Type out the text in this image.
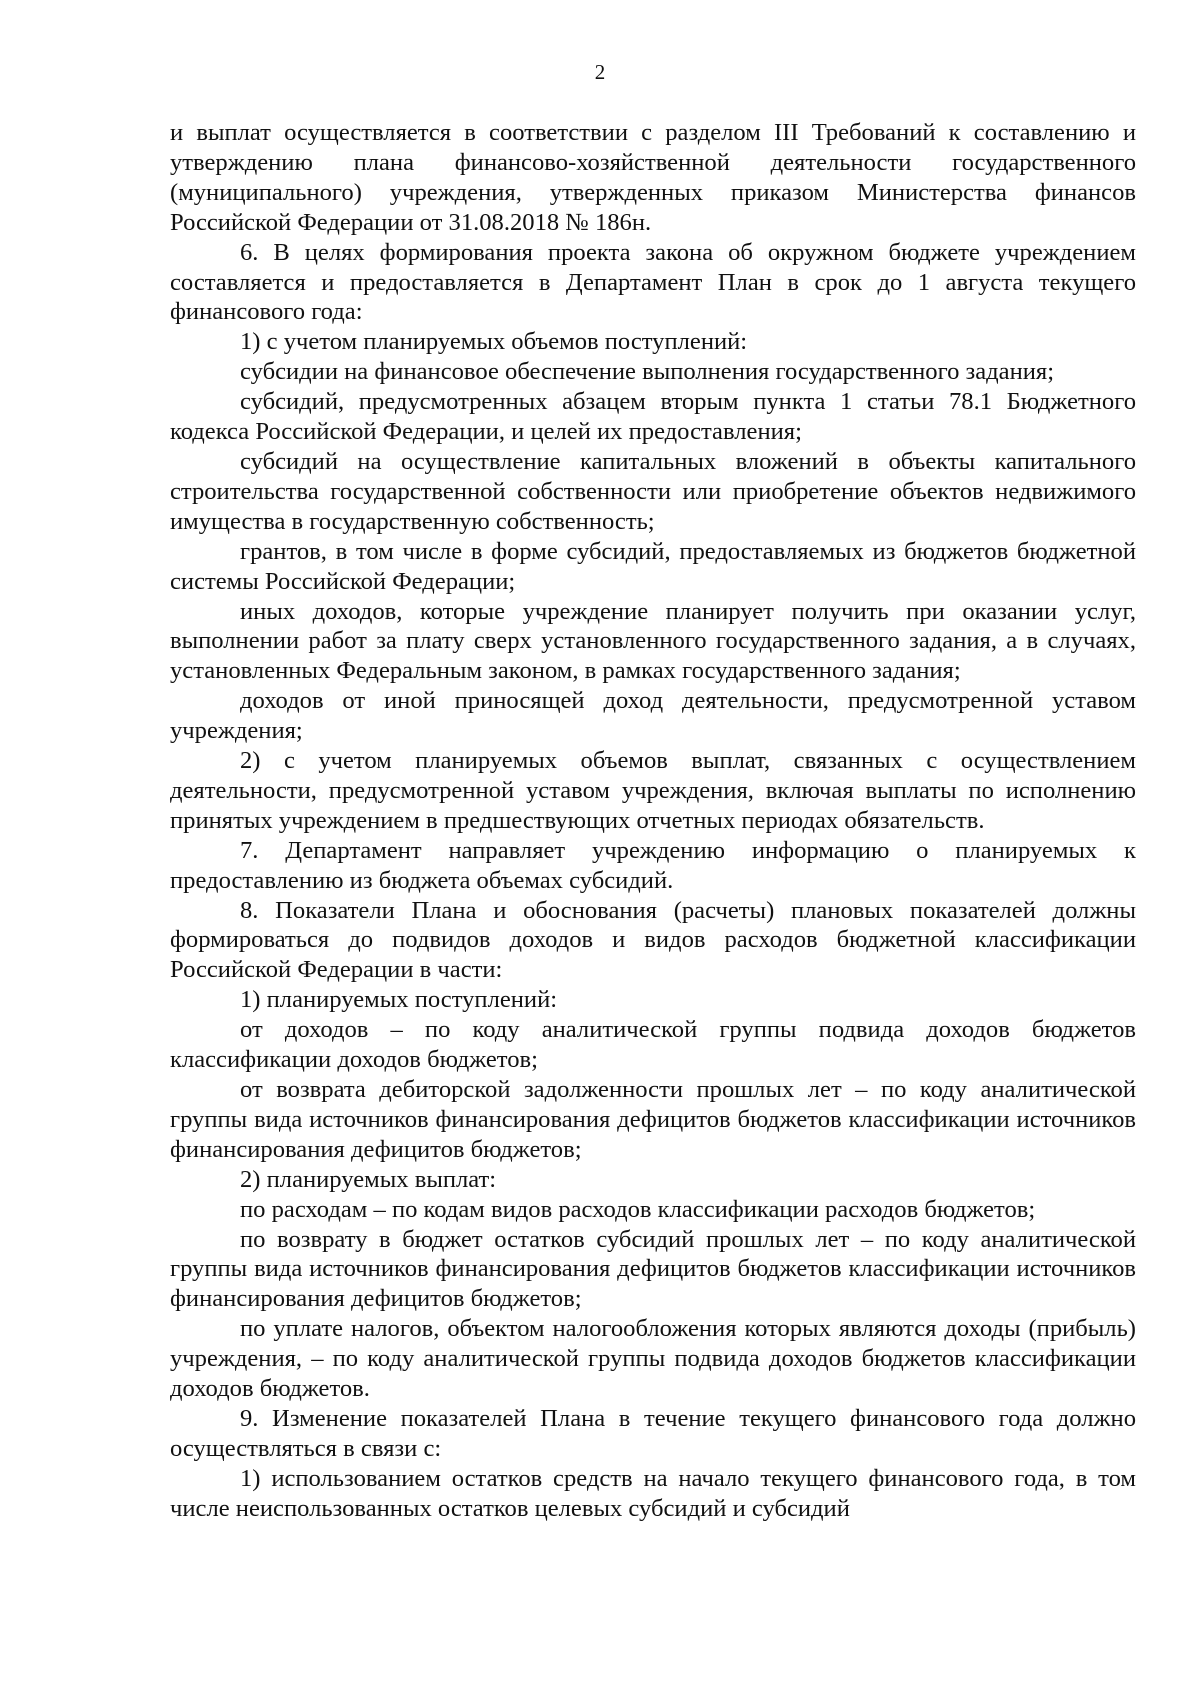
2

и выплат осуществляется в соответствии с разделом III Требований к составлению и утверждению плана финансово-хозяйственной деятельности государственного (муниципального) учреждения, утвержденных приказом Министерства финансов Российской Федерации от 31.08.2018 № 186н.

6. В целях формирования проекта закона об окружном бюджете учреждением составляется и предоставляется в Департамент План в срок до 1 августа текущего финансового года:

1) с учетом планируемых объемов поступлений:

субсидии на финансовое обеспечение выполнения государственного задания;

субсидий, предусмотренных абзацем вторым пункта 1 статьи 78.1 Бюджетного кодекса Российской Федерации, и целей их предоставления;

субсидий на осуществление капитальных вложений в объекты капитального строительства государственной собственности или приобретение объектов недвижимого имущества в государственную собственность;

грантов, в том числе в форме субсидий, предоставляемых из бюджетов бюджетной системы Российской Федерации;

иных доходов, которые учреждение планирует получить при оказании услуг, выполнении работ за плату сверх установленного государственного задания, а в случаях, установленных Федеральным законом, в рамках государственного задания;

доходов от иной приносящей доход деятельности, предусмотренной уставом учреждения;

2) с учетом планируемых объемов выплат, связанных с осуществлением деятельности, предусмотренной уставом учреждения, включая выплаты по исполнению принятых учреждением в предшествующих отчетных периодах обязательств.

7. Департамент направляет учреждению информацию о планируемых к предоставлению из бюджета объемах субсидий.

8. Показатели Плана и обоснования (расчеты) плановых показателей должны формироваться до подвидов доходов и видов расходов бюджетной классификации Российской Федерации в части:

1) планируемых поступлений:

от доходов – по коду аналитической группы подвида доходов бюджетов классификации доходов бюджетов;

от возврата дебиторской задолженности прошлых лет – по коду аналитической группы вида источников финансирования дефицитов бюджетов классификации источников финансирования дефицитов бюджетов;

2) планируемых выплат:

по расходам – по кодам видов расходов классификации расходов бюджетов;

по возврату в бюджет остатков субсидий прошлых лет – по коду аналитической группы вида источников финансирования дефицитов бюджетов классификации источников финансирования дефицитов бюджетов;

по уплате налогов, объектом налогообложения которых являются доходы (прибыль) учреждения, – по коду аналитической группы подвида доходов бюджетов классификации доходов бюджетов.

9. Изменение показателей Плана в течение текущего финансового года должно осуществляться в связи с:

1) использованием остатков средств на начало текущего финансового года, в том числе неиспользованных остатков целевых субсидий и субсидий
